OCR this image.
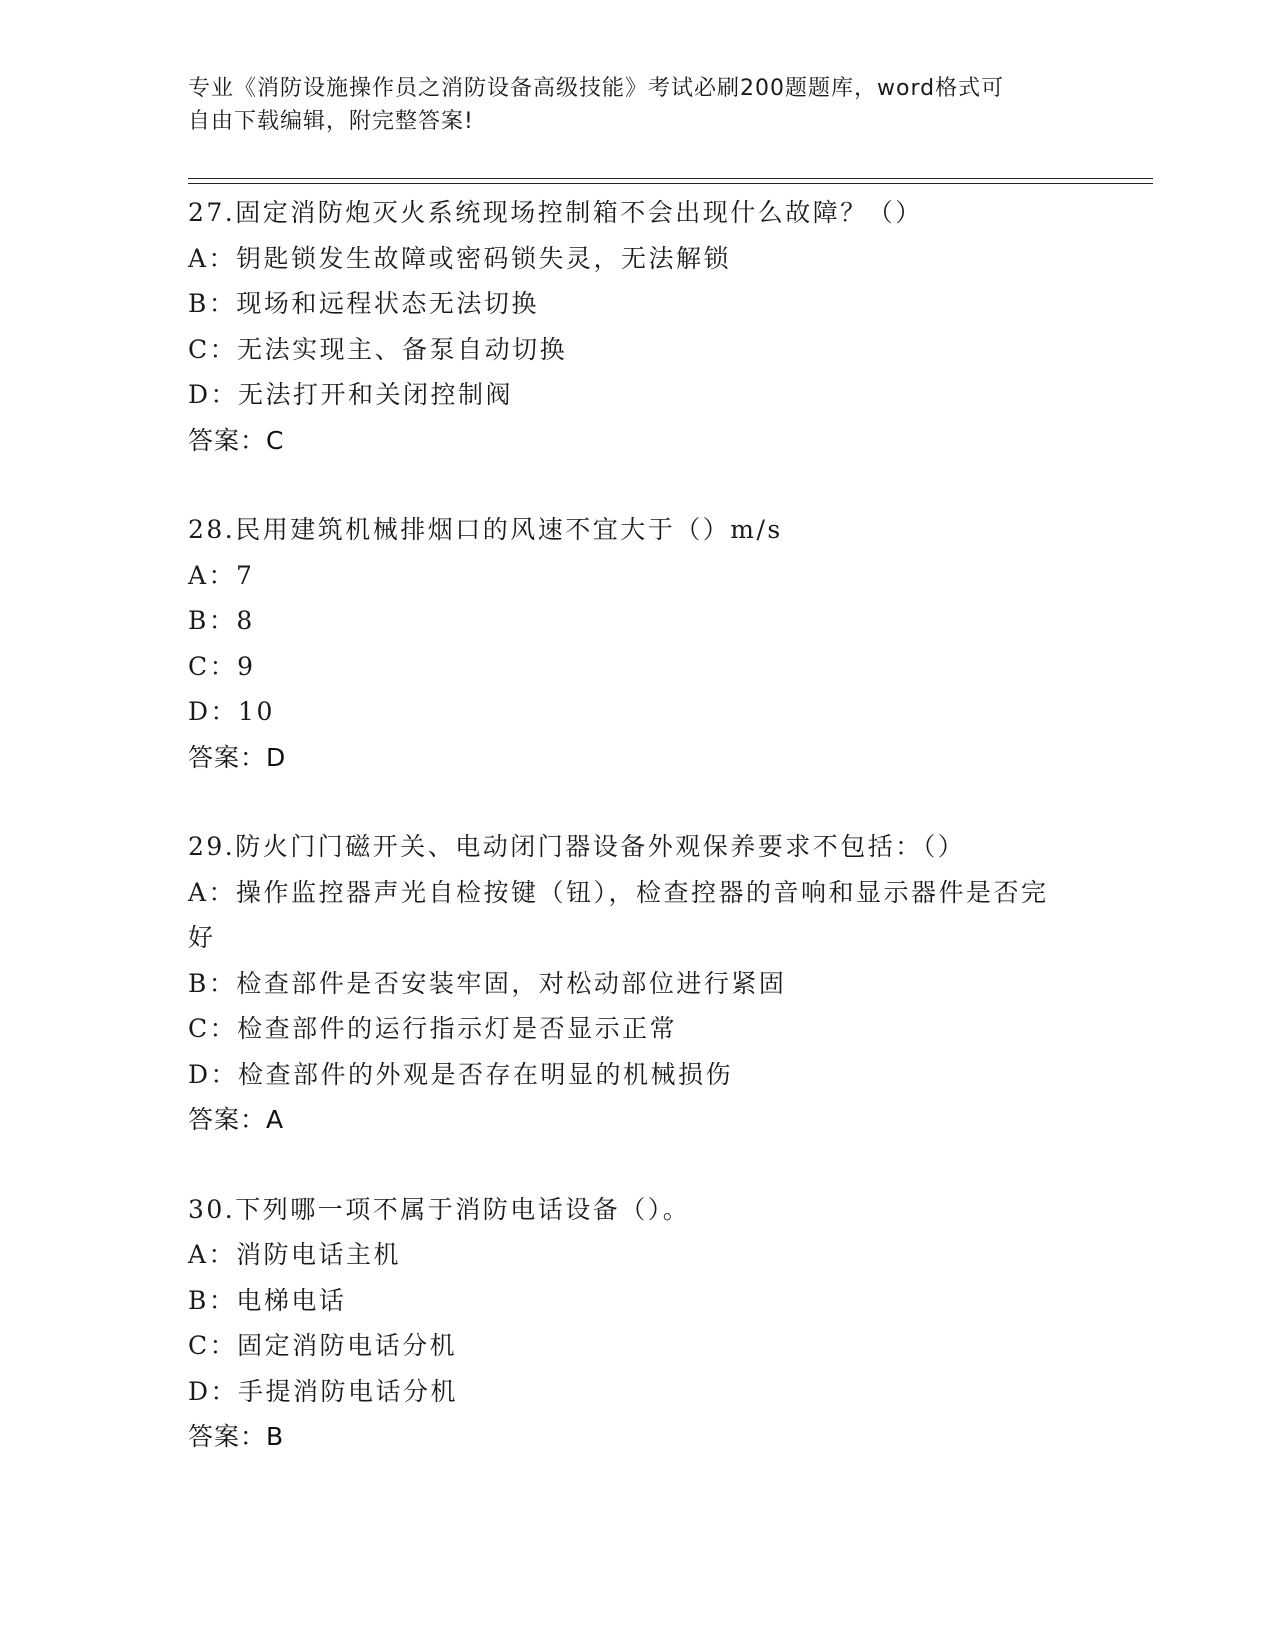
专业《消防设施操作员之消防设备高级技能》考试必刷200题题库，word格式可
自由下载编辑，附完整答案!
27.固定消防炮灭火系统现场控制箱不会出现什么故障？（）
A：钥匙锁发生故障或密码锁失灵，无法解锁
B：现场和远程状态无法切换
C：无法实现主、备泵自动切换
D：无法打开和关闭控制阀
答案：C
28.民用建筑机械排烟口的风速不宜大于（）m/s
A：7
B：8
C：9
D：10
答案：D
29.防火门门磁开关、电动闭门器设备外观保养要求不包括：（）
A：操作监控器声光自检按键（钮），检查控器的音响和显示器件是否完好
B：检查部件是否安装牢固，对松动部位进行紧固
C：检查部件的运行指示灯是否显示正常
D：检查部件的外观是否存在明显的机械损伤
答案：A
30.下列哪一项不属于消防电话设备（）。
A：消防电话主机
B：电梯电话
C：固定消防电话分机
D：手提消防电话分机
答案：B
